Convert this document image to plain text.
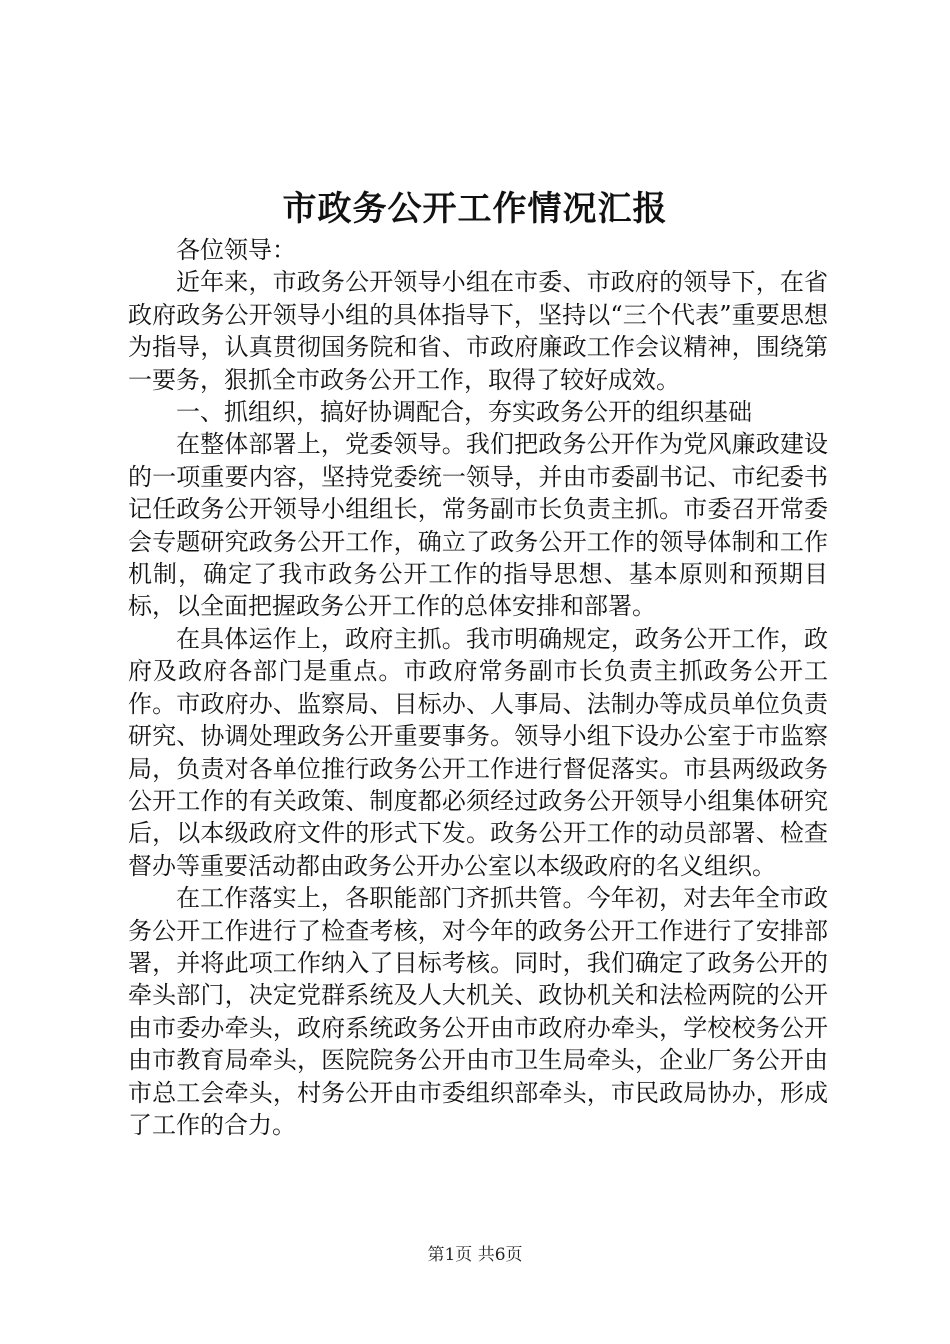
市政务公开工作情况汇报

各位领导：

近年来，市政务公开领导小组在市委、市政府的领导下，在省政府政务公开领导小组的具体指导下，坚持以“三个代表”重要思想为指导，认真贯彻国务院和省、市政府廉政工作会议精神，围绕第一要务，狠抓全市政务公开工作，取得了较好成效。

一、抓组织，搞好协调配合，夯实政务公开的组织基础

在整体部署上，党委领导。我们把政务公开作为党风廉政建设的一项重要内容，坚持党委统一领导，并由市委副书记、市纪委书记任政务公开领导小组组长，常务副市长负责主抓。市委召开常委会专题研究政务公开工作，确立了政务公开工作的领导体制和工作机制，确定了我市政务公开工作的指导思想、基本原则和预期目标，以全面把握政务公开工作的总体安排和部署。

在具体运作上，政府主抓。我市明确规定，政务公开工作，政府及政府各部门是重点。市政府常务副市长负责主抓政务公开工作。市政府办、监察局、目标办、人事局、法制办等成员单位负责研究、协调处理政务公开重要事务。领导小组下设办公室于市监察局，负责对各单位推行政务公开工作进行督促落实。市县两级政务公开工作的有关政策、制度都必须经过政务公开领导小组集体研究后，以本级政府文件的形式下发。政务公开工作的动员部署、检查督办等重要活动都由政务公开办公室以本级政府的名义组织。

在工作落实上，各职能部门齐抓共管。今年初，对去年全市政务公开工作进行了检查考核，对今年的政务公开工作进行了安排部署，并将此项工作纳入了目标考核。同时，我们确定了政务公开的牵头部门，决定党群系统及人大机关、政协机关和法检两院的公开由市委办牵头，政府系统政务公开由市政府办牵头，学校校务公开由市教育局牵头，医院院务公开由市卫生局牵头，企业厂务公开由市总工会牵头，村务公开由市委组织部牵头，市民政局协办，形成了工作的合力。

第1页 共6页
